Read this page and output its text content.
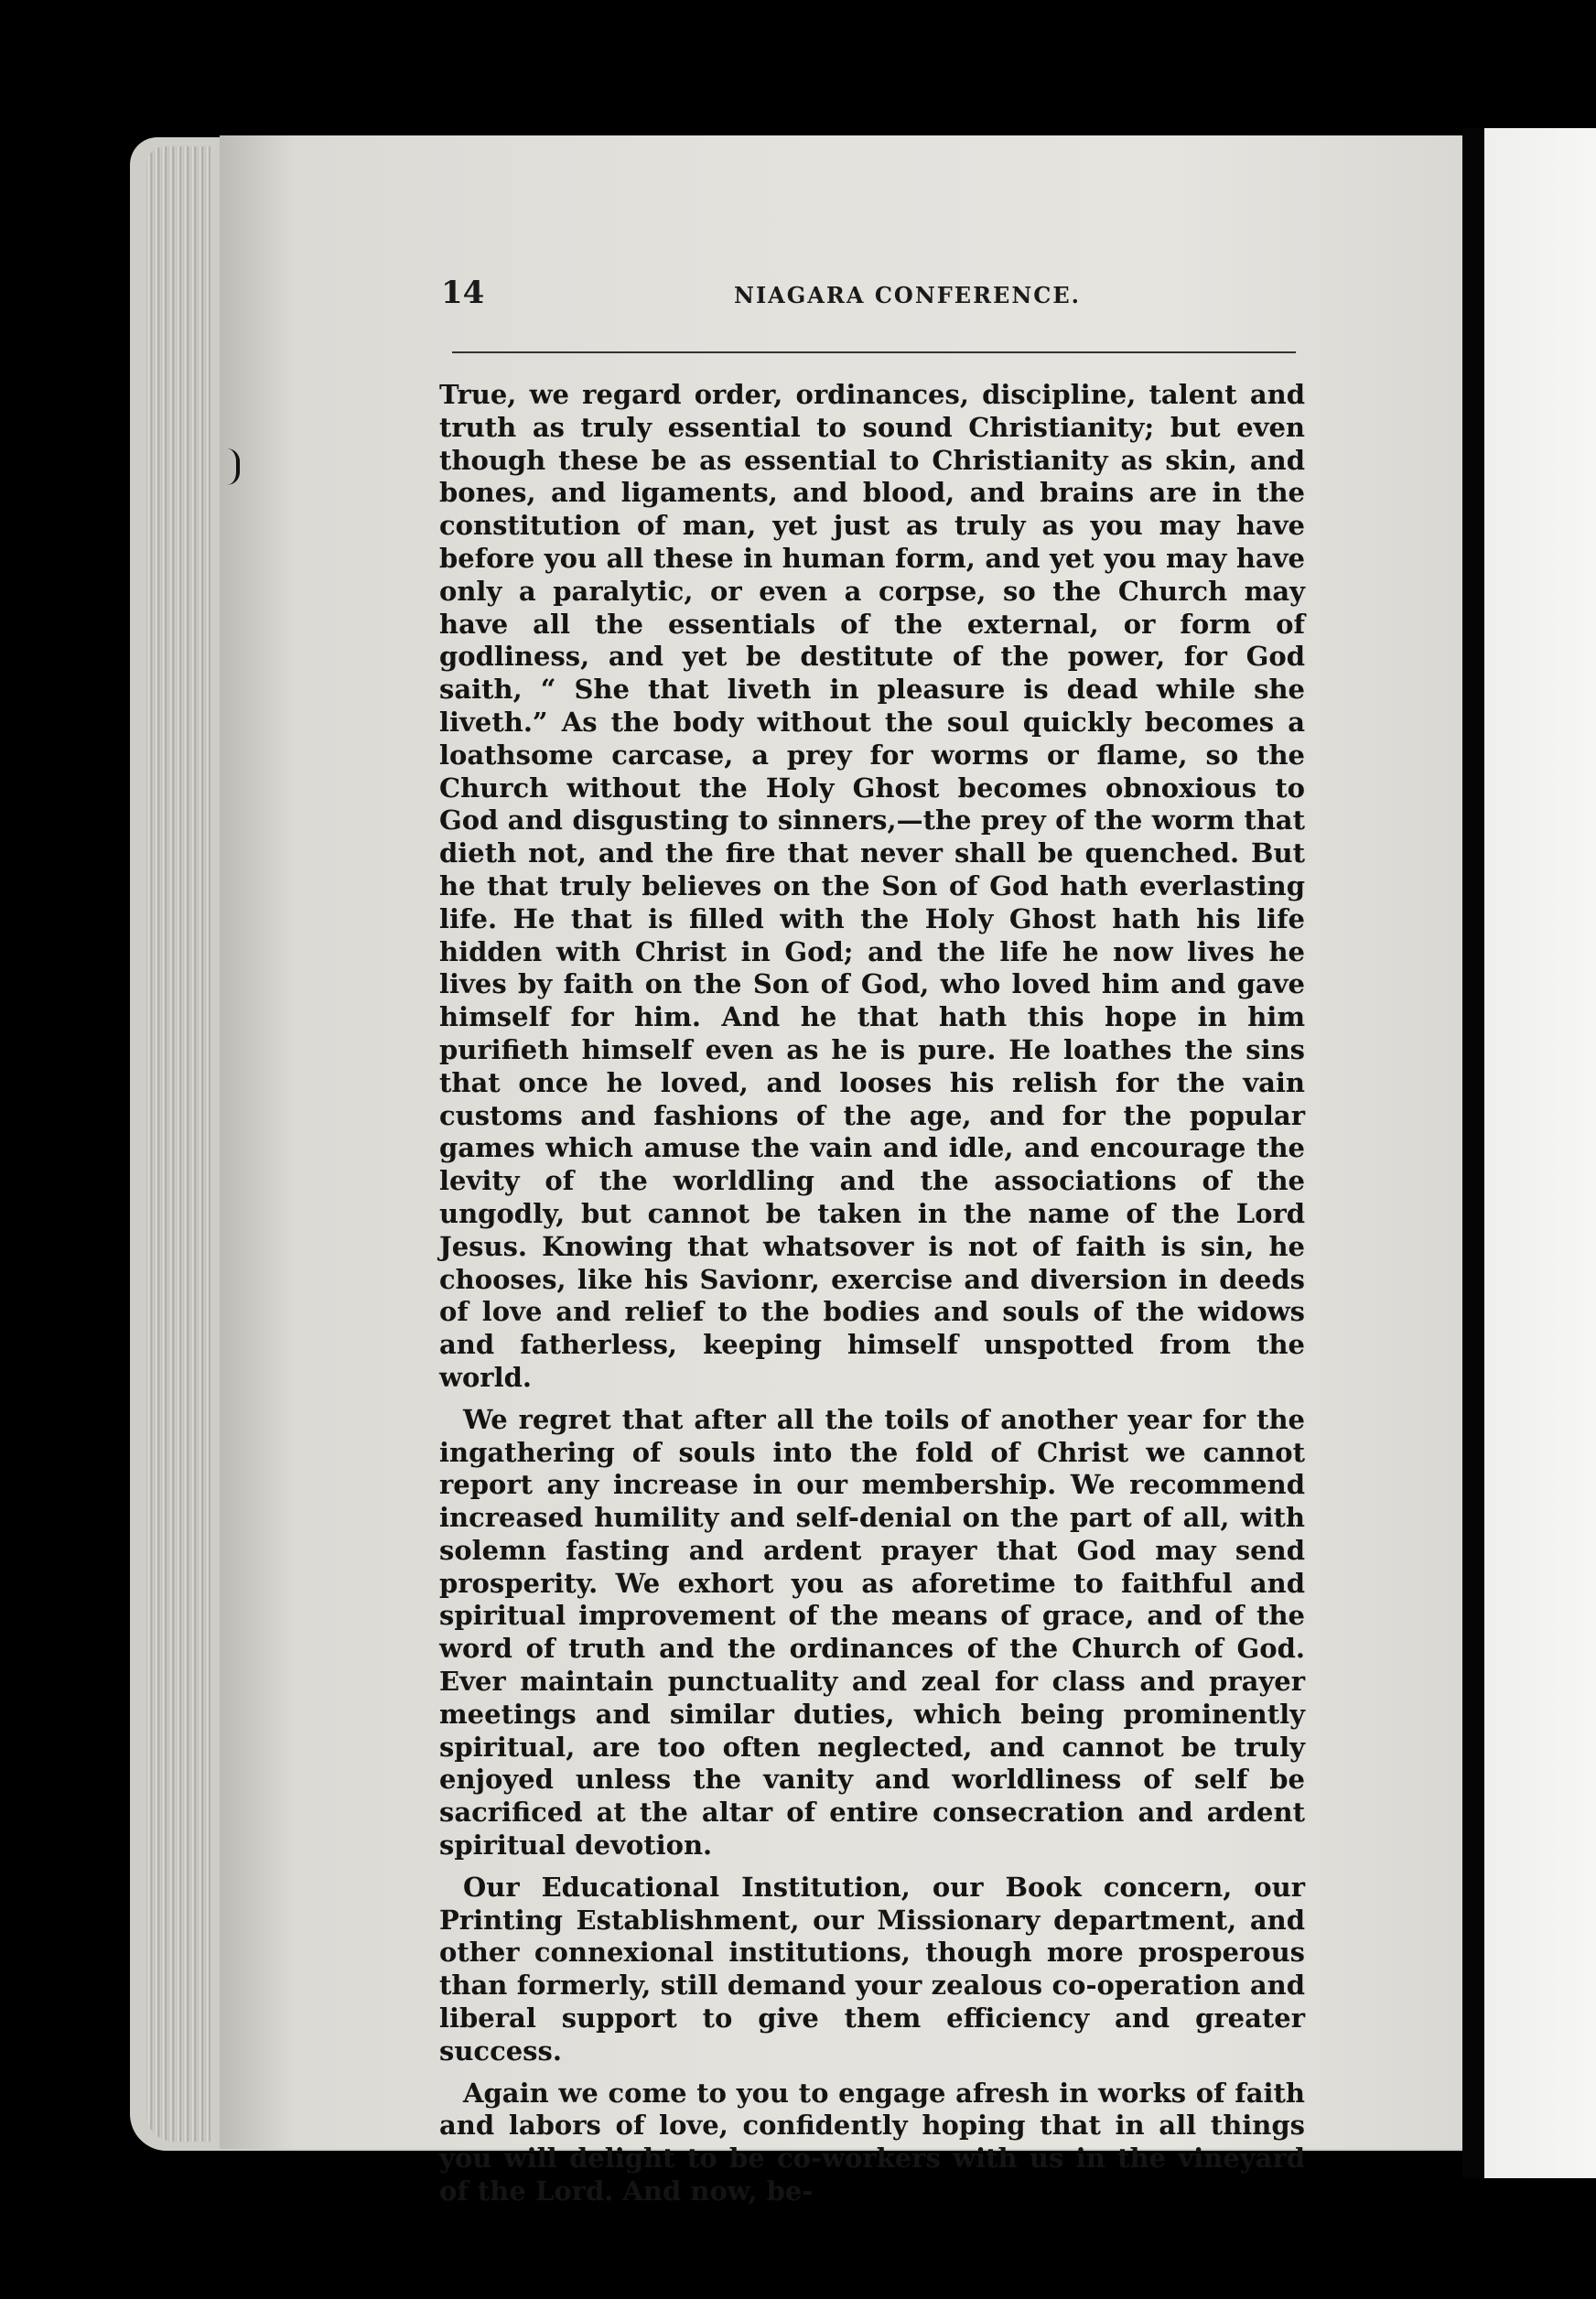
14	NIAGARA CONFERENCE.

True, we regard order, ordinances, discipline, talent and truth as truly essential to sound Christianity; but even though these be as essential to Christianity as skin, and bones, and ligaments, and blood, and brains are in the constitution of man, yet just as truly as you may have before you all these in human form, and yet you may have only a paralytic, or even a corpse, so the Church may have all the essentials of the external, or form of godliness, and yet be destitute of the power, for God saith, “ She that liveth in pleasure is dead while she liveth.” As the body without the soul quickly becomes a loathsome carcase, a prey for worms or flame, so the Church without the Holy Ghost becomes obnoxious to God and disgusting to sinners,—the prey of the worm that dieth not, and the fire that never shall be quenched. But he that truly believes on the Son of God hath everlasting life. He that is filled with the Holy Ghost hath his life hidden with Christ in God; and the life he now lives he lives by faith on the Son of God, who loved him and gave himself for him. And he that hath this hope in him purifieth himself even as he is pure. He loathes the sins that once he loved, and looses his relish for the vain customs and fashions of the age, and for the popular games which amuse the vain and idle, and encourage the levity of the worldling and the associations of the ungodly, but cannot be taken in the name of the Lord Jesus. Knowing that whatsover is not of faith is sin, he chooses, like his Savionr, exercise and diversion in deeds of love and relief to the bodies and souls of the widows and fatherless, keeping himself unspotted from the world.

We regret that after all the toils of another year for the ingathering of souls into the fold of Christ we cannot report any increase in our membership. We recommend increased humility and self-denial on the part of all, with solemn fasting and ardent prayer that God may send prosperity. We exhort you as aforetime to faithful and spiritual improvement of the means of grace, and of the word of truth and the ordinances of the Church of God. Ever maintain punctuality and zeal for class and prayer meetings and similar duties, which being prominently spiritual, are too often neglected, and cannot be truly enjoyed unless the vanity and worldliness of self be sacrificed at the altar of entire consecration and ardent spiritual devotion.

Our Educational Institution, our Book concern, our Printing Establishment, our Missionary department, and other connexional institutions, though more prosperous than formerly, still demand your zealous co-operation and liberal support to give them efficiency and greater success.

Again we come to you to engage afresh in works of faith and labors of love, confidently hoping that in all things you will delight to be co-workers with us in the vineyard of the Lord. And now, be-
